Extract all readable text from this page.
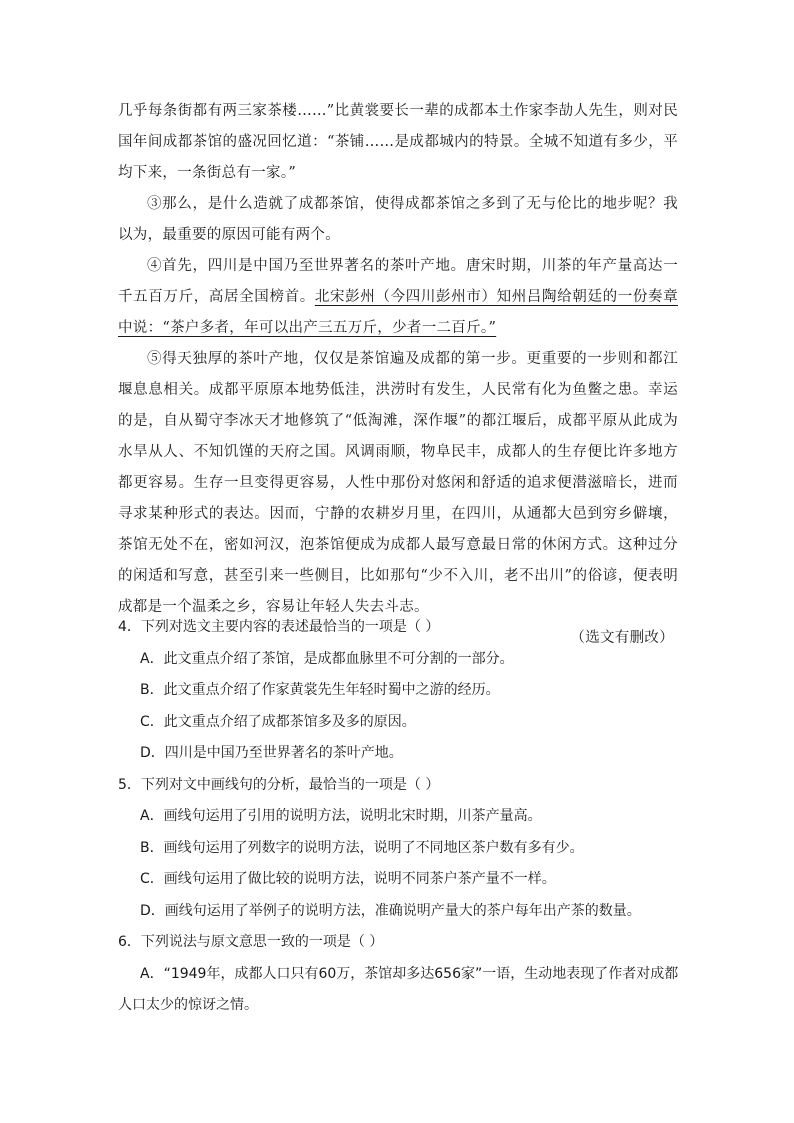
几乎每条街都有两三家茶楼……”比黄裳要长一辈的成都本土作家李劼人先生，则对民国年间成都茶馆的盛况回忆道：“茶铺……是成都城内的特景。全城不知道有多少，平均下来，一条街总有一家。”

③那么，是什么造就了成都茶馆，使得成都茶馆之多到了无与伦比的地步呢？我以为，最重要的原因可能有两个。

④首先，四川是中国乃至世界著名的茶叶产地。唐宋时期，川茶的年产量高达一千五百万斤，高居全国榜首。北宋彭州（今四川彭州市）知州吕陶给朝廷的一份奏章中说：“茶户多者，年可以出产三五万斤，少者一二百斤。”

⑤得天独厚的茶叶产地，仅仅是茶馆遍及成都的第一步。更重要的一步则和都江堰息息相关。成都平原原本地势低洼，洪涝时有发生，人民常有化为鱼鳖之患。幸运的是，自从蜀守李冰天才地修筑了“低淘滩，深作堰”的都江堰后，成都平原从此成为水旱从人、不知饥馑的天府之国。风调雨顺，物阜民丰，成都人的生存便比许多地方都更容易。生存一旦变得更容易，人性中那份对悠闲和舒适的追求便潜滋暗长，进而寻求某种形式的表达。因而，宁静的农耕岁月里，在四川，从通都大邑到穷乡僻壤，茶馆无处不在，密如河汉，泡茶馆便成为成都人最写意最日常的休闲方式。这种过分的闲适和写意，甚至引来一些侧目，比如那句“少不入川，老不出川”的俗谚，便表明成都是一个温柔之乡，容易让年轻人失去斗志。

（选文有删改）

4．下列对选文主要内容的表述最恰当的一项是（ ）

A．此文重点介绍了茶馆，是成都血脉里不可分割的一部分。

B．此文重点介绍了作家黄裳先生年轻时蜀中之游的经历。

C．此文重点介绍了成都茶馆多及多的原因。

D．四川是中国乃至世界著名的茶叶产地。

5．下列对文中画线句的分析，最恰当的一项是（ ）

A．画线句运用了引用的说明方法，说明北宋时期，川茶产量高。

B．画线句运用了列数字的说明方法，说明了不同地区茶户数有多有少。

C．画线句运用了做比较的说明方法，说明不同茶户茶产量不一样。

D．画线句运用了举例子的说明方法，准确说明产量大的茶户每年出产茶的数量。

6．下列说法与原文意思一致的一项是（ ）

A．“1949年，成都人口只有60万，茶馆却多达656家”一语，生动地表现了作者对成都

人口太少的惊讶之情。
